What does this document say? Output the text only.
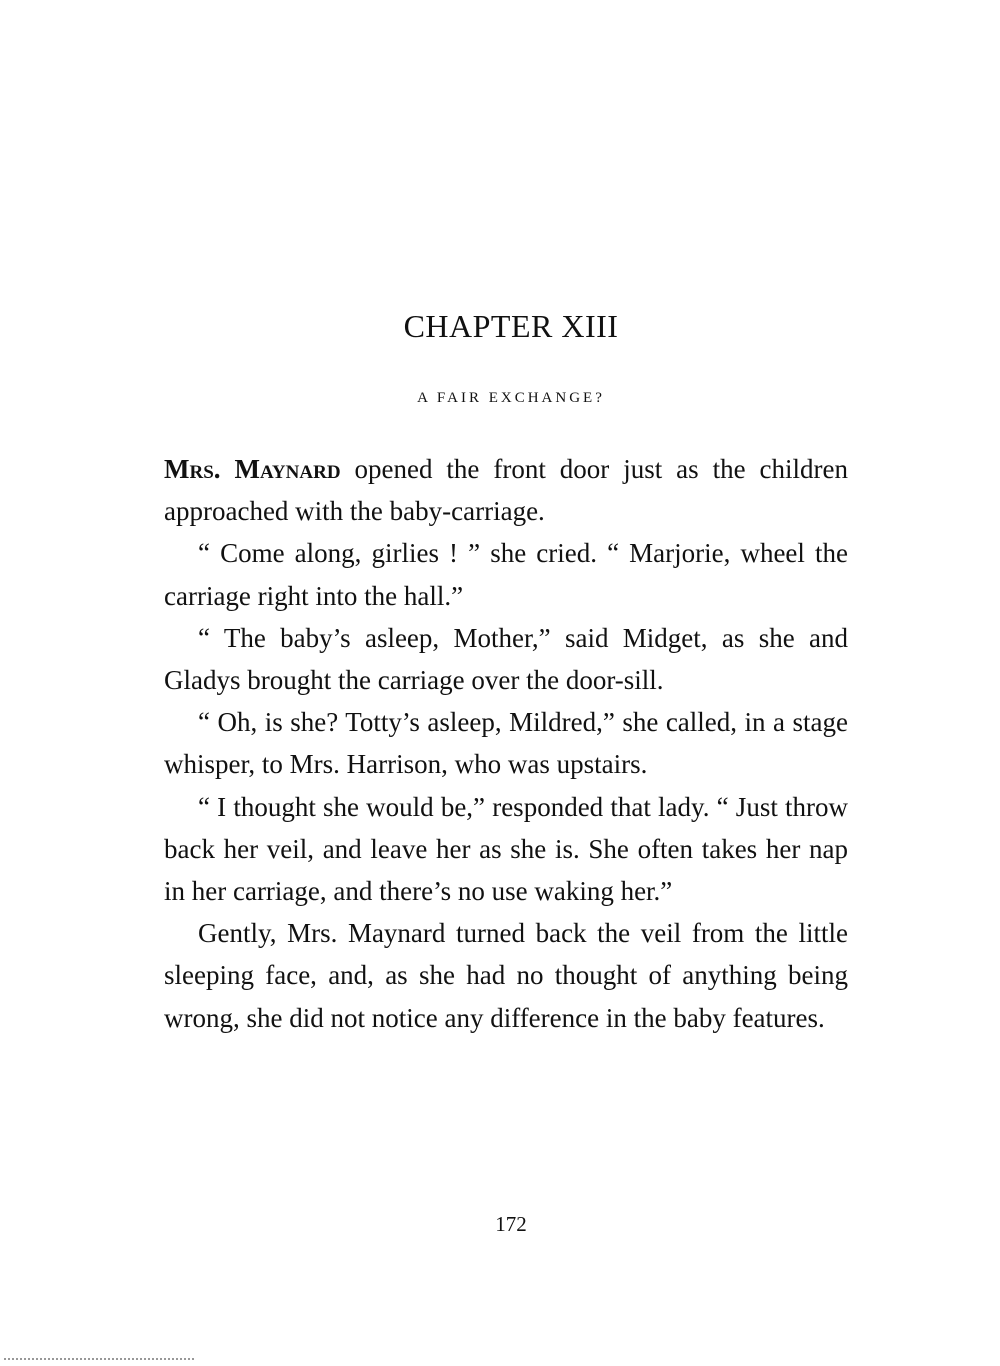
CHAPTER XIII
A FAIR EXCHANGE?

Mrs. Maynard opened the front door just as the children approached with the baby-carriage.

“ Come along, girlies ! ” she cried. “ Marjorie, wheel the carriage right into the hall.”

“ The baby’s asleep, Mother,” said Midget, as she and Gladys brought the carriage over the door-sill.

“ Oh, is she? Totty’s asleep, Mildred,” she called, in a stage whisper, to Mrs. Harrison, who was upstairs.

“ I thought she would be,” responded that lady. “ Just throw back her veil, and leave her as she is. She often takes her nap in her carriage, and there’s no use waking her.”

Gently, Mrs. Maynard turned back the veil from the little sleeping face, and, as she had no thought of anything being wrong, she did not notice any difference in the baby features.

172
